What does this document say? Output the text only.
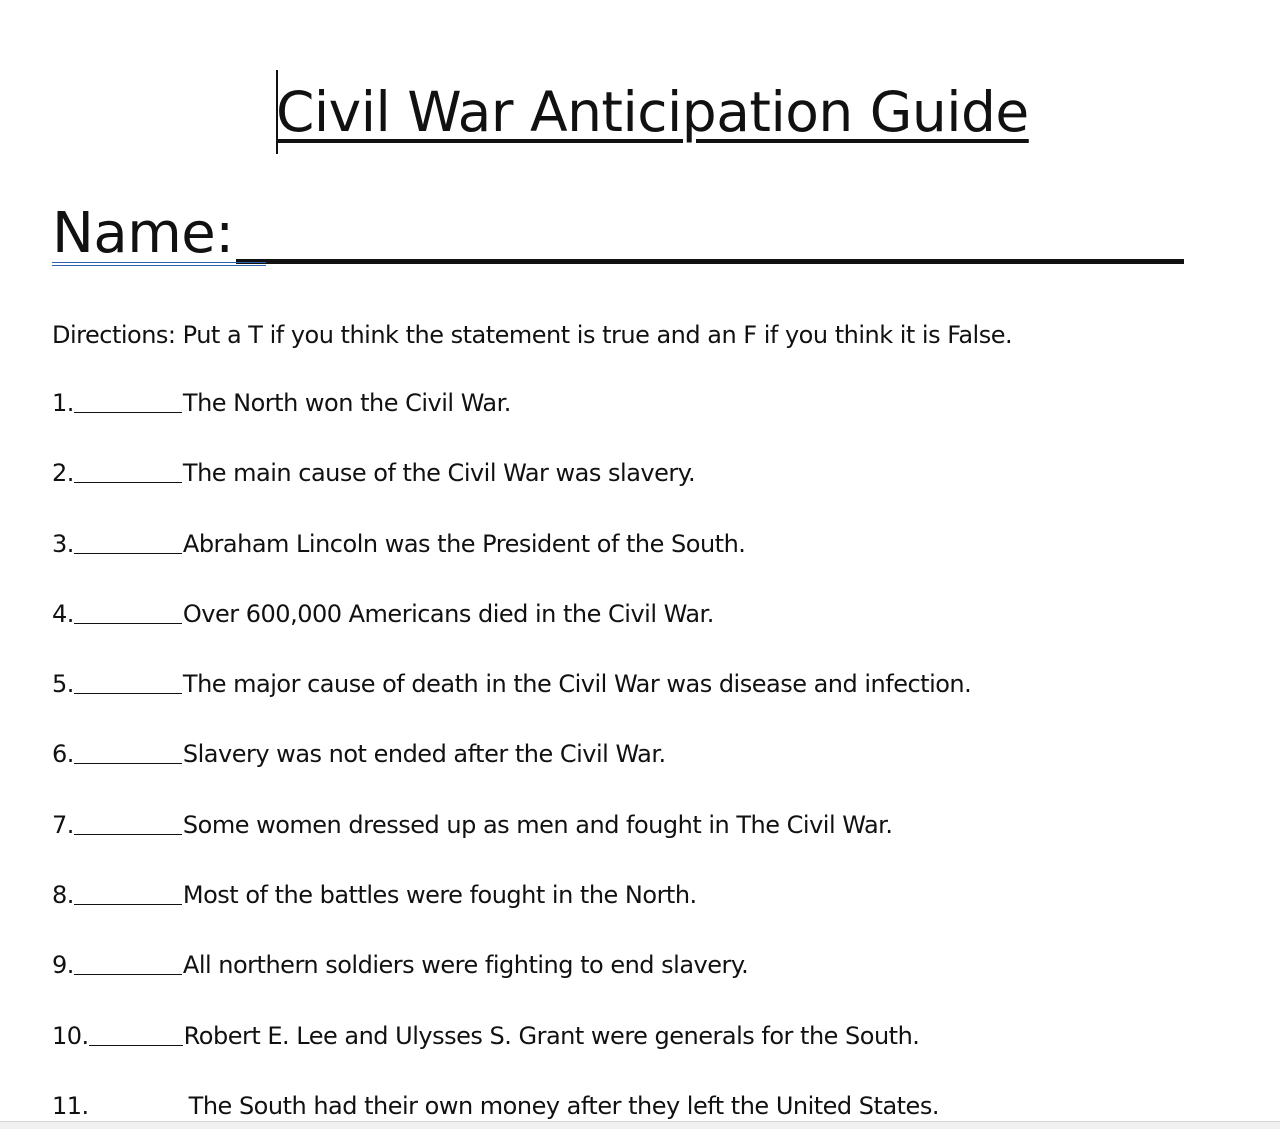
Civil War Anticipation Guide
Name:

Directions: Put a T if you think the statement is true and an F if you think it is False.

1.	The North won the Civil War.
2.	The main cause of the Civil War was slavery.
3.	Abraham Lincoln was the President of the South.
4.	Over 600,000 Americans died in the Civil War.
5.	The major cause of death in the Civil War was disease and infection.
6.	Slavery was not ended after the Civil War.
7.	Some women dressed up as men and fought in The Civil War.
8.	Most of the battles were fought in the North.
9.	All northern soldiers were fighting to end slavery.
10.	Robert E. Lee and Ulysses S. Grant were generals for the South.
11.	The South had their own money after they left the United States.
